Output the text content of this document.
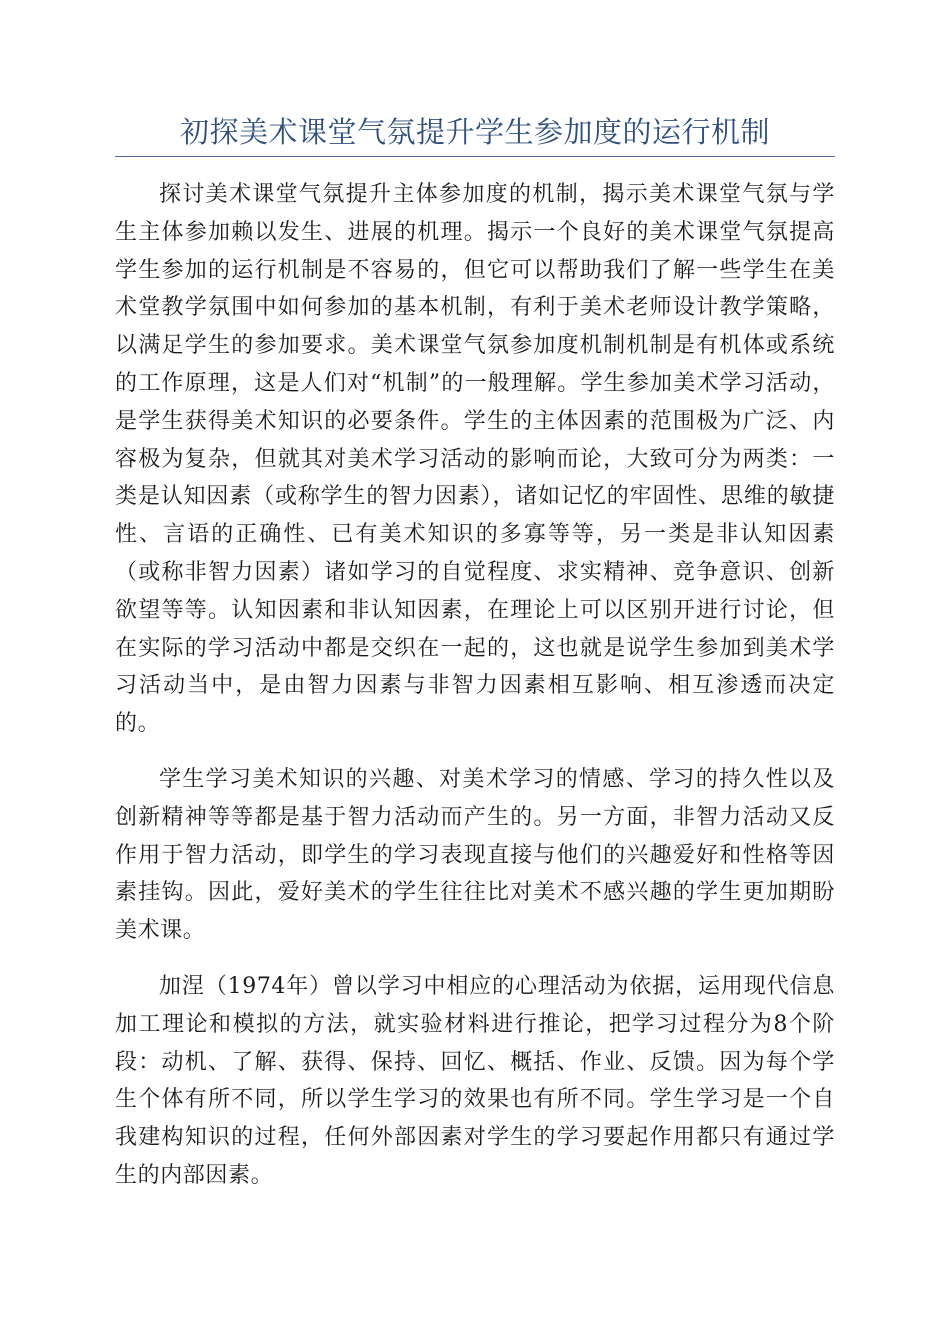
初探美术课堂气氛提升学生参加度的运行机制

探讨美术课堂气氛提升主体参加度的机制，揭示美术课堂气氛与学生主体参加赖以发生、进展的机理。揭示一个良好的美术课堂气氛提高学生参加的运行机制是不容易的，但它可以帮助我们了解一些学生在美术堂教学氛围中如何参加的基本机制，有利于美术老师设计教学策略，以满足学生的参加要求。美术课堂气氛参加度机制机制是有机体或系统的工作原理，这是人们对“机制”的一般理解。学生参加美术学习活动，是学生获得美术知识的必要条件。学生的主体因素的范围极为广泛、内容极为复杂，但就其对美术学习活动的影响而论，大致可分为两类：一类是认知因素（或称学生的智力因素），诸如记忆的牢固性、思维的敏捷性、言语的正确性、已有美术知识的多寡等等，另一类是非认知因素（或称非智力因素）诸如学习的自觉程度、求实精神、竞争意识、创新欲望等等。认知因素和非认知因素，在理论上可以区别开进行讨论，但在实际的学习活动中都是交织在一起的，这也就是说学生参加到美术学习活动当中，是由智力因素与非智力因素相互影响、相互渗透而决定的。

学生学习美术知识的兴趣、对美术学习的情感、学习的持久性以及创新精神等等都是基于智力活动而产生的。另一方面，非智力活动又反作用于智力活动，即学生的学习表现直接与他们的兴趣爱好和性格等因素挂钩。因此，爱好美术的学生往往比对美术不感兴趣的学生更加期盼美术课。

加涅（1974年）曾以学习中相应的心理活动为依据，运用现代信息加工理论和模拟的方法，就实验材料进行推论，把学习过程分为8个阶段：动机、了解、获得、保持、回忆、概括、作业、反馈。因为每个学生个体有所不同，所以学生学习的效果也有所不同。学生学习是一个自我建构知识的过程，任何外部因素对学生的学习要起作用都只有通过学生的内部因素。
